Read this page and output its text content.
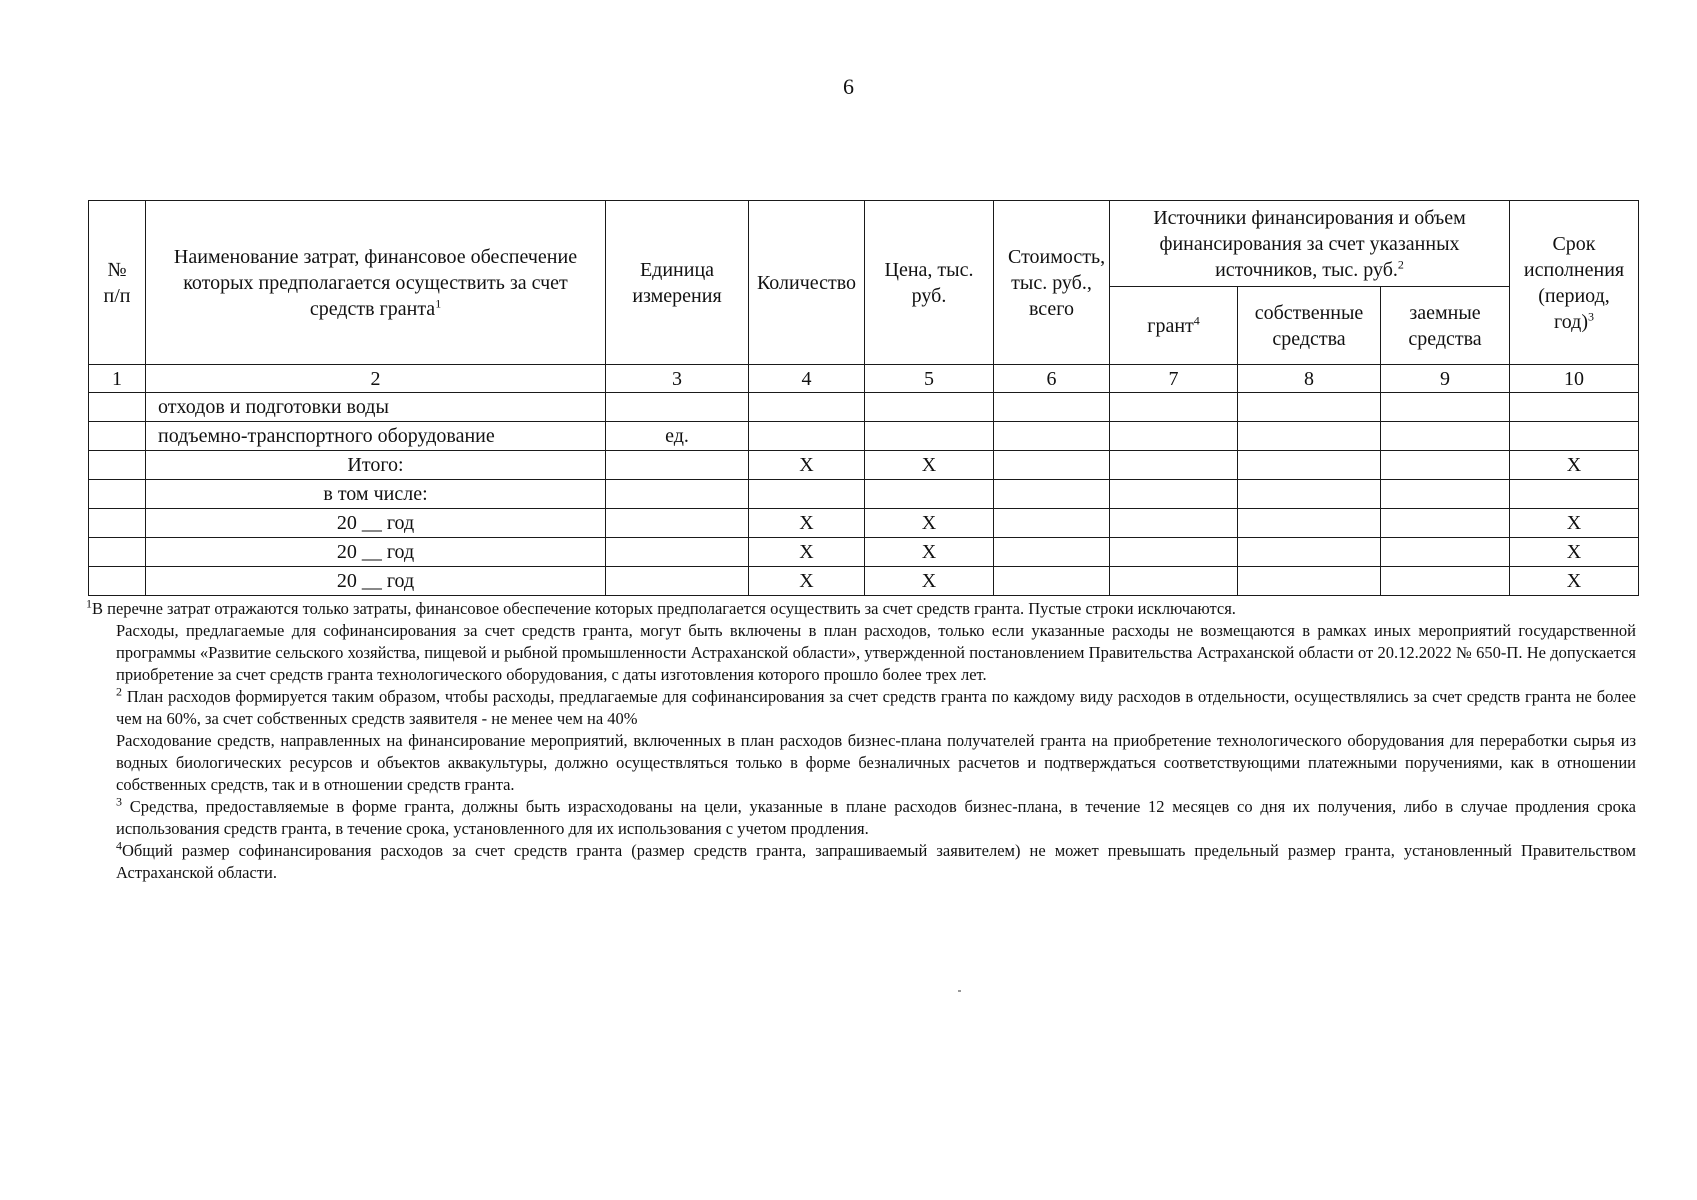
6
№ п/п	Наименование затрат, финансовое обеспечение которых предполагается осуществить за счет средств гранта$^1$	Единица измерения	Количество	Цена, тыс. руб.	Стоимость, тыс. руб., всего	Источники финансирования и объем финансирования за счет указанных источников, тыс. руб.$^2$			Срок исполнения (период, год)$^3$
						грант$^4$	собственные средства	заемные средства	
1	2	3	4	5	6	7	8	9	10
	отходов и подготовки воды								
	подъемно-транспортного оборудование	ед.							
	Итого:		Х	Х					Х
	в том числе:								
	20 __ год		Х	Х					Х
	20 __ год		Х	Х					Х
	20 __ год		Х	Х					Х

$^1$В перечне затрат отражаются только затраты, финансовое обеспечение которых предполагается осуществить за счет средств гранта. Пустые строки исключаются.

Расходы, предлагаемые для софинансирования за счет средств гранта, могут быть включены в план расходов, только если указанные расходы не возмещаются в рамках иных мероприятий государственной программы «Развитие сельского хозяйства, пищевой и рыбной промышленности Астраханской области», утвержденной постановлением Правительства Астраханской области от 20.12.2022 № 650-П. Не допускается приобретение за счет средств гранта технологического оборудования, с даты изготовления которого прошло более трех лет.

$^2$ План расходов формируется таким образом, чтобы расходы, предлагаемые для софинансирования за счет средств гранта по каждому виду расходов в отдельности, осуществлялись за счет средств гранта не более чем на 60%, за счет собственных средств заявителя - не менее чем на 40%

Расходование средств, направленных на финансирование мероприятий, включенных в план расходов бизнес-плана получателей гранта на приобретение технологического оборудования для переработки сырья из водных биологических ресурсов и объектов аквакультуры, должно осуществляться только в форме безналичных расчетов и подтверждаться соответствующими платежными поручениями, как в отношении собственных средств, так и в отношении средств гранта.

$^3$ Средства, предоставляемые в форме гранта, должны быть израсходованы на цели, указанные в плане расходов бизнес-плана, в течение 12 месяцев со дня их получения, либо в случае продления срока использования средств гранта, в течение срока, установленного для их использования с учетом продления.

$^4$Общий размер софинансирования расходов за счет средств гранта (размер средств гранта, запрашиваемый заявителем) не может превышать предельный размер гранта, установленный Правительством Астраханской области.
